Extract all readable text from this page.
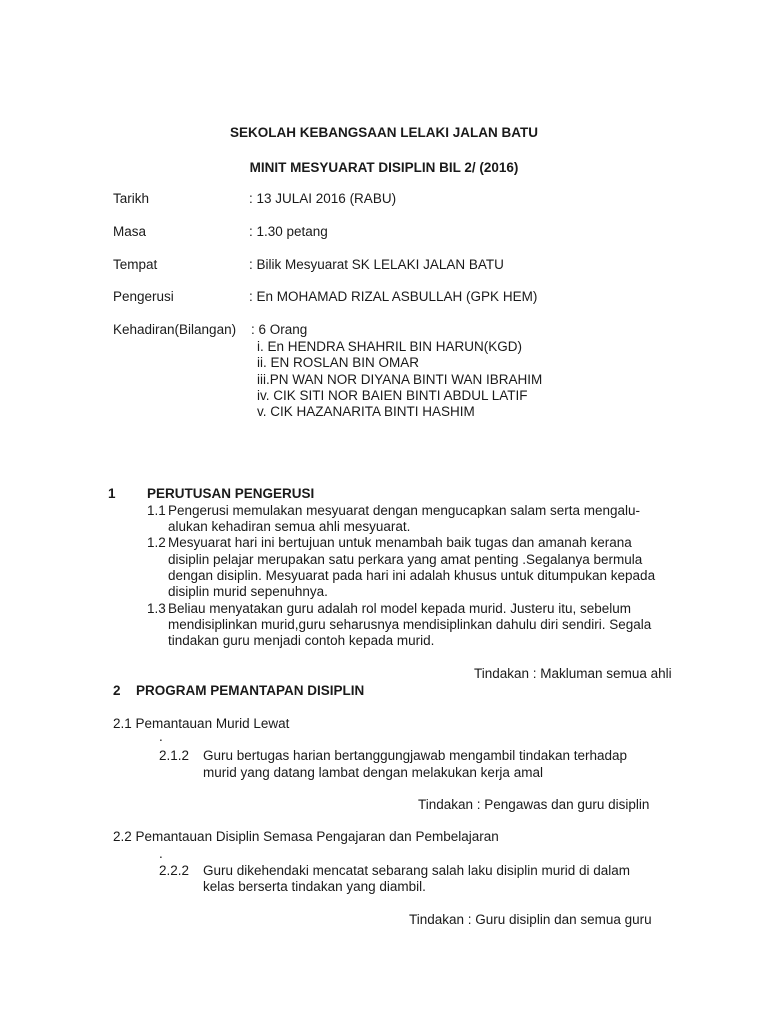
SEKOLAH KEBANGSAAN LELAKI JALAN BATU
MINIT MESYUARAT DISIPLIN BIL 2/ (2016)
Tarikh	: 13 JULAI 2016 (RABU)
Masa	: 1.30 petang
Tempat	: Bilik Mesyuarat SK LELAKI JALAN BATU
Pengerusi	: En MOHAMAD RIZAL ASBULLAH (GPK HEM)
Kehadiran(Bilangan) : 6 Orang
i. En HENDRA SHAHRIL BIN HARUN(KGD)
ii. EN ROSLAN BIN OMAR
iii.PN WAN NOR DIYANA BINTI WAN IBRAHIM
iv. CIK SITI NOR BAIEN BINTI ABDUL LATIF
v. CIK HAZANARITA BINTI HASHIM
1 PERUTUSAN PENGERUSI
1.1 Pengerusi memulakan mesyuarat dengan mengucapkan salam serta mengalu-
alukan kehadiran semua ahli mesyuarat.
1.2 Mesyuarat hari ini bertujuan untuk menambah baik tugas dan amanah kerana
disiplin pelajar merupakan satu perkara yang amat penting .Segalanya bermula
dengan disiplin. Mesyuarat pada hari ini adalah khusus untuk ditumpukan kepada
disiplin murid sepenuhnya.
1.3 Beliau menyatakan guru adalah rol model kepada murid. Justeru itu, sebelum
mendisiplinkan murid,guru seharusnya mendisiplinkan dahulu diri sendiri. Segala
tindakan guru menjadi contoh kepada murid.
Tindakan : Makluman semua ahli
2 PROGRAM PEMANTAPAN DISIPLIN
2.1 Pemantauan Murid Lewat
.
2.1.2 Guru bertugas harian bertanggungjawab mengambil tindakan terhadap
murid yang datang lambat dengan melakukan kerja amal
Tindakan : Pengawas dan guru disiplin
2.2 Pemantauan Disiplin Semasa Pengajaran dan Pembelajaran
.
2.2.2 Guru dikehendaki mencatat sebarang salah laku disiplin murid di dalam
kelas berserta tindakan yang diambil.
Tindakan : Guru disiplin dan semua guru
